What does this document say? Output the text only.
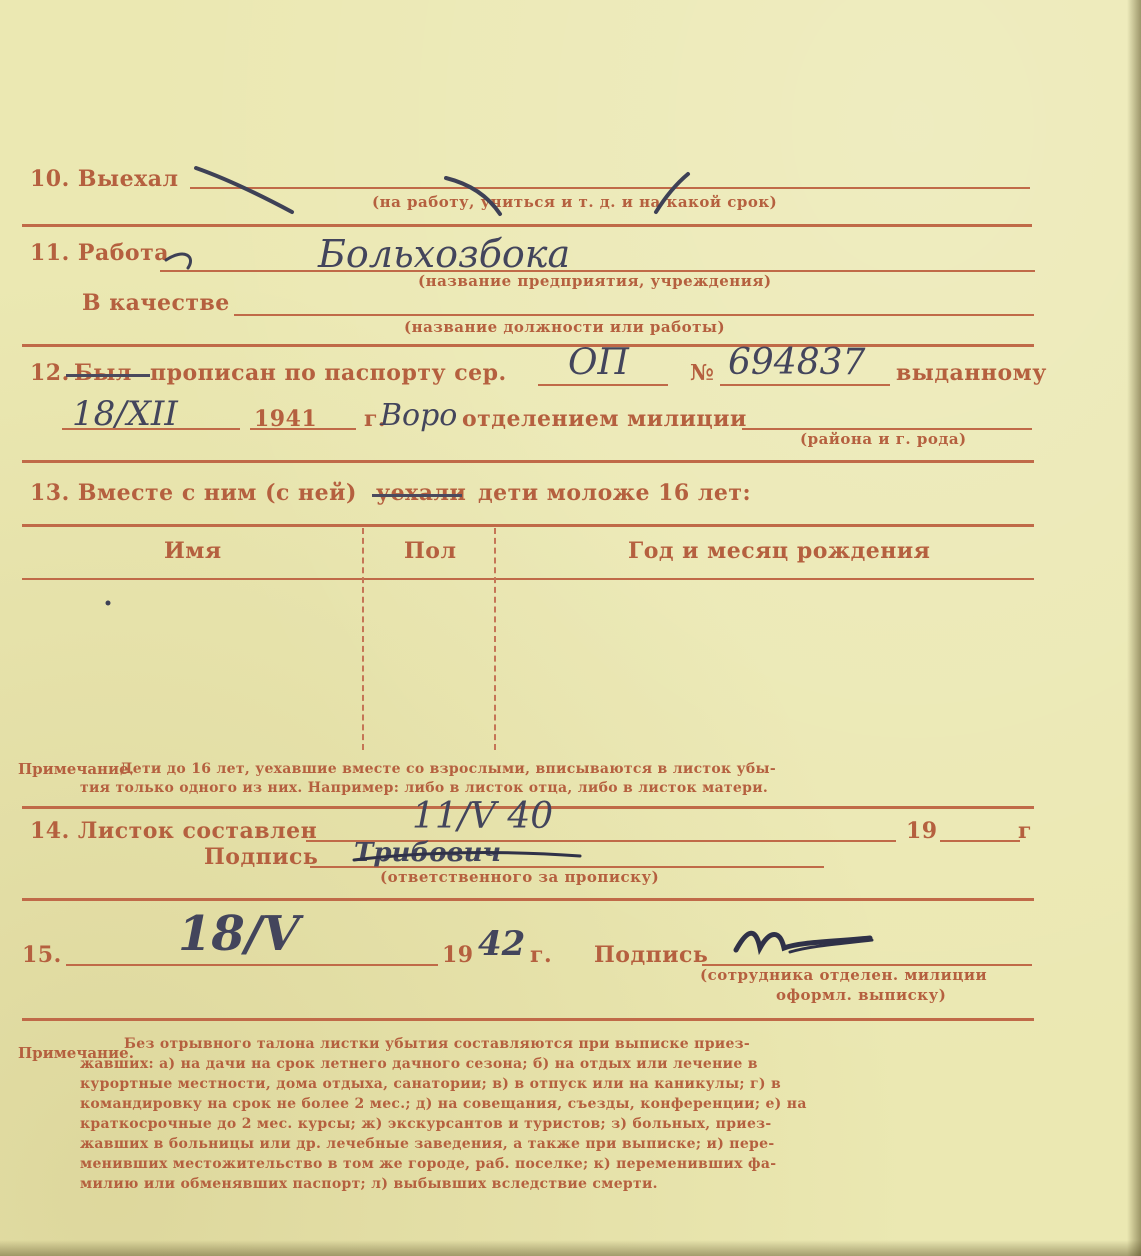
10. Выехал
(на работу, учиться и т. д. и на какой срок)
11. Работа	Больхозбока
(название предприятия, учреждения)
В качестве
(название должности или работы)
12. Был прописан по паспорту сер. ОП	№ 694837 выданному
18/XII	1941 г.
Воро отделением милиции
(района и г. рода)
13. Вместе с ним (с ней) уехали дети моложе 16 лет:
Имя	Пол	Год и месяц рождения
Примечание.
Дети до 16 лет, уехавшие вместе со взрослыми, вписываются в листок убы-
тия только одного из них. Например: либо в листок отца, либо в листок матери.
14. Листок составлен	11/V 40	19	г
Подпись Трибович
(ответственного за прописку)
15. 18/V	19 42 г. Подпись
(сотрудника отделен. милиции
оформл. выписку)
Примечание.
Без отрывного талона листки убытия составляются при выписке приез-
жавших: а) на дачи на срок летнего дачного сезона; б) на отдых или лечение в
курортные местности, дома отдыха, санатории; в) в отпуск или на каникулы; г) в
командировку на срок не более 2 мес.; д) на совещания, съезды, конференции; е) на
краткосрочные до 2 мес. курсы; ж) экскурсантов и туристов; з) больных, приез-
жавших в больницы или др. лечебные заведения, а также при выписке; и) пере-
менивших местожительство в том же городе, раб. поселке; к) переменивших фа-
милию или обменявших паспорт; л) выбывших вследствие смерти.
